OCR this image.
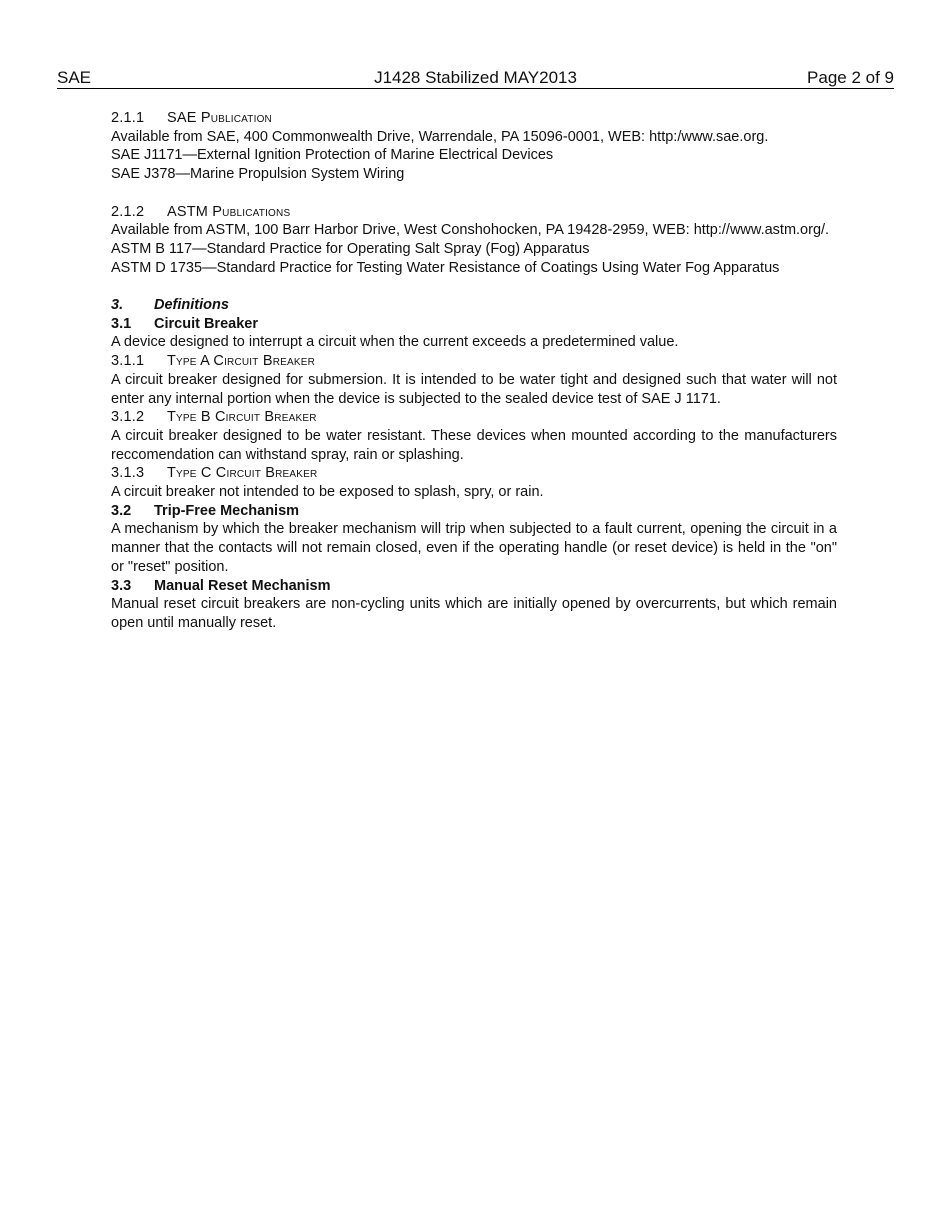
SAE	J1428 Stabilized MAY2013	Page 2 of 9

2.1.1 SAE Publication

Available from SAE, 400 Commonwealth Drive, Warrendale, PA 15096-0001, WEB: http:/www.sae.org.

SAE J1171—External Ignition Protection of Marine Electrical Devices
SAE J378—Marine Propulsion System Wiring

2.1.2 ASTM Publications

Available from ASTM, 100 Barr Harbor Drive, West Conshohocken, PA 19428-2959, WEB: http://www.astm.org/.

ASTM B 117—Standard Practice for Operating Salt Spray (Fog) Apparatus
ASTM D 1735—Standard Practice for Testing Water Resistance of Coatings Using Water Fog Apparatus

3. Definitions

3.1 Circuit Breaker

A device designed to interrupt a circuit when the current exceeds a predetermined value.

3.1.1 Type A Circuit Breaker

A circuit breaker designed for submersion. It is intended to be water tight and designed such that water will not enter any internal portion when the device is subjected to the sealed device test of SAE J 1171.

3.1.2 Type B Circuit Breaker

A circuit breaker designed to be water resistant. These devices when mounted according to the manufacturers reccomendation can withstand spray, rain or splashing.

3.1.3 Type C Circuit Breaker

A circuit breaker not intended to be exposed to splash, spry, or rain.

3.2 Trip-Free Mechanism

A mechanism by which the breaker mechanism will trip when subjected to a fault current, opening the circuit in a manner that the contacts will not remain closed, even if the operating handle (or reset device) is held in the "on" or "reset" position.

3.3 Manual Reset Mechanism

Manual reset circuit breakers are non-cycling units which are initially opened by overcurrents, but which remain open until manually reset.
